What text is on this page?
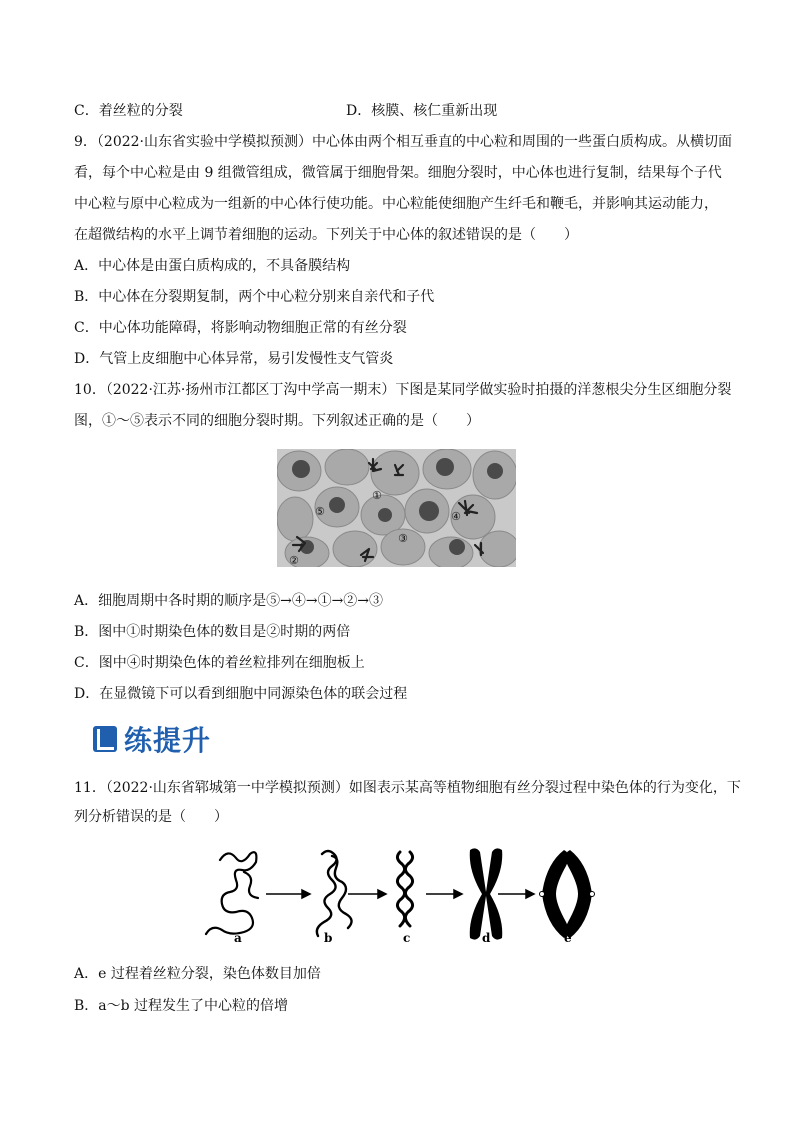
C．着丝粒的分裂	D．核膜、核仁重新出现
9．（2022·山东省实验中学模拟预测）中心体由两个相互垂直的中心粒和周围的一些蛋白质构成。从横切面
看，每个中心粒是由 9 组微管组成，微管属于细胞骨架。细胞分裂时，中心体也进行复制，结果每个子代
中心粒与原中心粒成为一组新的中心体行使功能。中心粒能使细胞产生纤毛和鞭毛，并影响其运动能力，
在超微结构的水平上调节着细胞的运动。下列关于中心体的叙述错误的是（　　）
A．中心体是由蛋白质构成的，不具备膜结构
B．中心体在分裂期复制，两个中心粒分别来自亲代和子代
C．中心体功能障碍，将影响动物细胞正常的有丝分裂
D．气管上皮细胞中心体异常，易引发慢性支气管炎
10．（2022·江苏·扬州市江都区丁沟中学高一期末）下图是某同学做实验时拍摄的洋葱根尖分生区细胞分裂
图，①～⑤表示不同的细胞分裂时期。下列叙述正确的是（　　）
①
②
③
④
⑤
A．细胞周期中各时期的顺序是⑤→④→①→②→③
B．图中①时期染色体的数目是②时期的两倍
C．图中④时期染色体的着丝粒排列在细胞板上
D．在显微镜下可以看到细胞中同源染色体的联会过程
练提升
11．（2022·山东省郓城第一中学模拟预测）如图表示某高等植物细胞有丝分裂过程中染色体的行为变化，下
列分析错误的是（　　）
a	b	c	d	e
A．e 过程着丝粒分裂，染色体数目加倍
B．a～b 过程发生了中心粒的倍增
